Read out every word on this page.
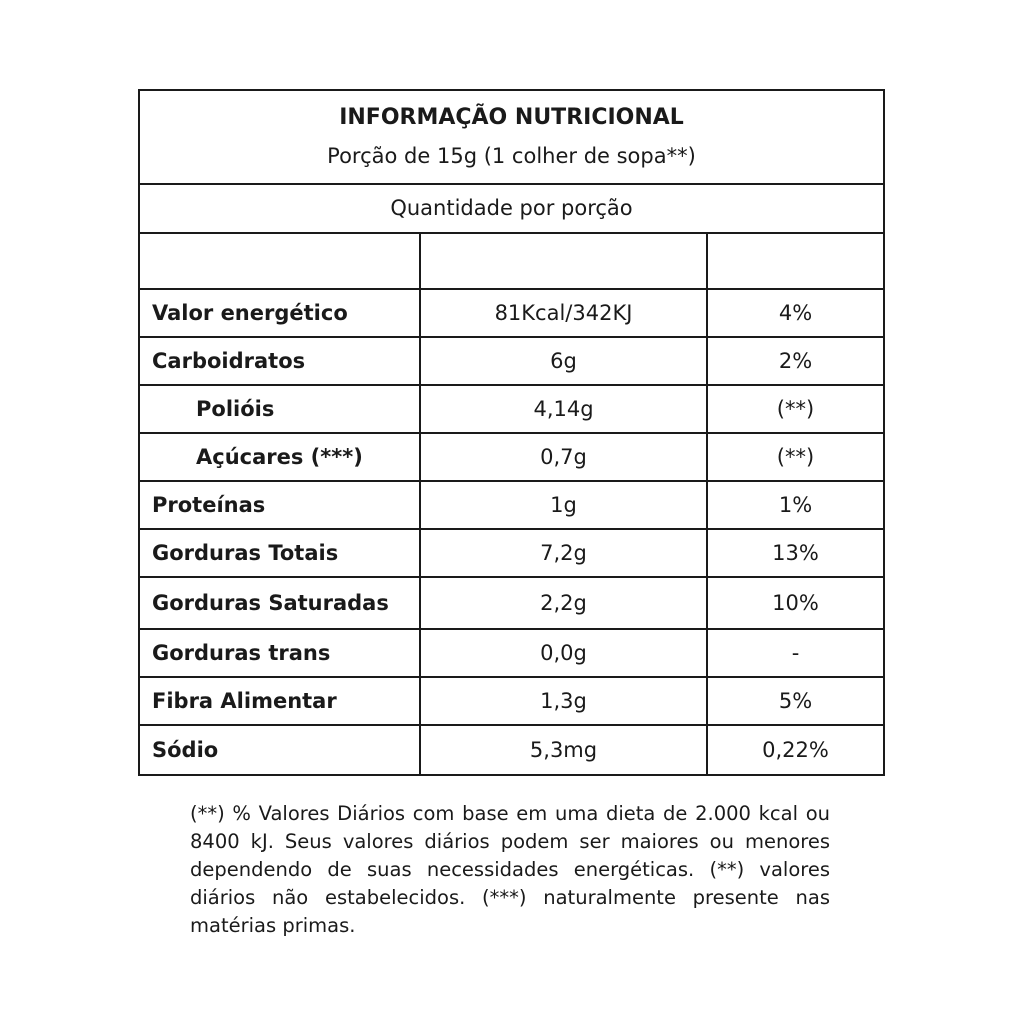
INFORMAÇÃO NUTRICIONAL
Porção de 15g (1 colher de sopa**)
Quantidade por porção
Valor energético	81Kcal/342KJ	4%
Carboidratos	6g	2%
Polióis	4,14g	(**)
Açúcares (***)	0,7g	(**)
Proteínas	1g	1%
Gorduras Totais	7,2g	13%
Gorduras Saturadas	2,2g	10%
Gorduras trans	0,0g	-
Fibra Alimentar	1,3g	5%
Sódio	5,3mg	0,22%
(**) % Valores Diários com base em uma dieta de 2.000 kcal ou 8400 kJ. Seus valores diários podem ser maiores ou menores dependendo de suas necessidades energéticas. (**) valores diários não estabelecidos. (***) naturalmente presente nas matérias primas.
